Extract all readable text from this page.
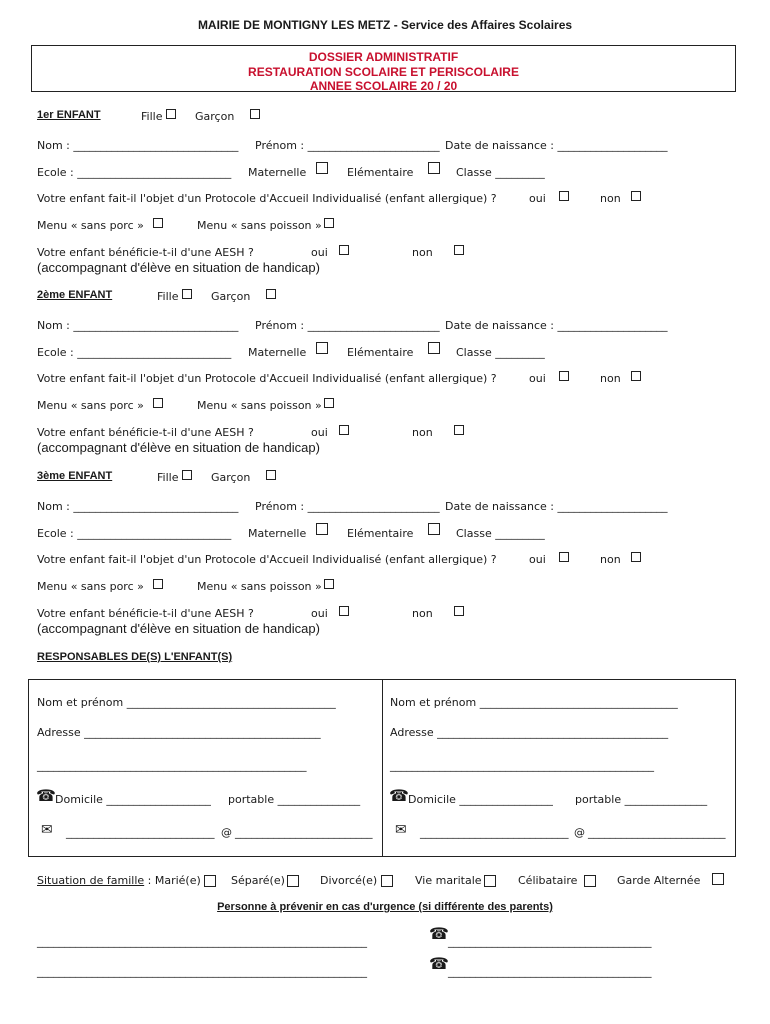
MAIRIE DE MONTIGNY LES METZ - Service des Affaires Scolaires
DOSSIER ADMINISTRATIF
RESTAURATION SCOLAIRE ET PERISCOLAIRE
ANNEE SCOLAIRE 20 / 20
1er ENFANT	Fille	Garçon
Nom : ______________________________ Prénom : ________________________ Date de naissance : ____________________
Ecole : ____________________________ Maternelle	Elémentaire	Classe _________
Votre enfant fait-il l'objet d'un Protocole d'Accueil Individualisé (enfant allergique) ?	oui	non
Menu « sans porc »	Menu « sans poisson »
Votre enfant bénéficie-t-il d'une AESH ?	oui	non
(accompagnant d'élève en situation de handicap)
2ème ENFANT	Fille	Garçon
Nom : ______________________________ Prénom : ________________________ Date de naissance : ____________________
Ecole : ____________________________ Maternelle	Elémentaire	Classe _________
Votre enfant fait-il l'objet d'un Protocole d'Accueil Individualisé (enfant allergique) ?	oui	non
Menu « sans porc »	Menu « sans poisson »
Votre enfant bénéficie-t-il d'une AESH ?	oui	non
(accompagnant d'élève en situation de handicap)
3ème ENFANT	Fille	Garçon
Nom : ______________________________ Prénom : ________________________ Date de naissance : ____________________
Ecole : ____________________________ Maternelle	Elémentaire	Classe _________
Votre enfant fait-il l'objet d'un Protocole d'Accueil Individualisé (enfant allergique) ?	oui	non
Menu « sans porc »	Menu « sans poisson »
Votre enfant bénéficie-t-il d'une AESH ?	oui	non
(accompagnant d'élève en situation de handicap)
RESPONSABLES DE(S) L'ENFANT(S)
Nom et prénom ______________________________________
Adresse ___________________________________________
_________________________________________________
☎ Domicile ___________________ portable _______________
✉ ___________________________ @ _________________________
Nom et prénom ____________________________________
Adresse __________________________________________
________________________________________________
☎ Domicile _________________ portable _______________
✉ ___________________________ @ _________________________
Situation de famille : Marié(e)	Séparé(e)	Divorcé(e)	Vie maritale	Célibataire	Garde Alternée
Personne à prévenir en cas d'urgence (si différente des parents)
____________________________________________________________	☎ _____________________________________
____________________________________________________________	☎ _____________________________________
